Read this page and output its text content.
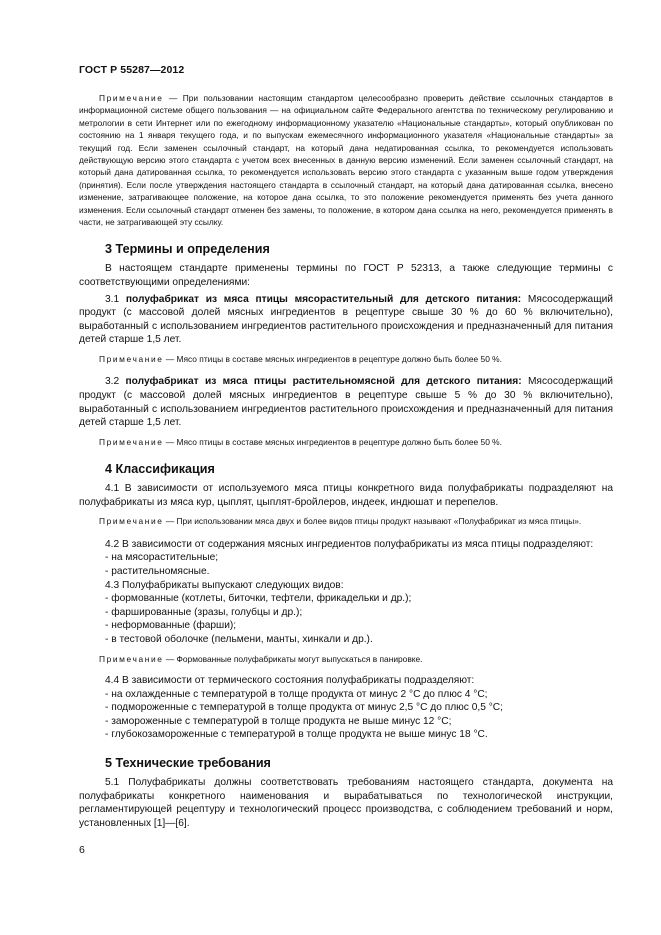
ГОСТ Р 55287—2012

Примечание — При пользовании настоящим стандартом целесообразно проверить действие ссылочных стандартов в информационной системе общего пользования — на официальном сайте Федерального агентства по техническому регулированию и метрологии в сети Интернет или по ежегодному информационному указателю «Национальные стандарты», который опубликован по состоянию на 1 января текущего года, и по выпускам ежемесячного информационного указателя «Национальные стандарты» за текущий год. Если заменен ссылочный стандарт, на который дана недатированная ссылка, то рекомендуется использовать действующую версию этого стандарта с учетом всех внесенных в данную версию изменений. Если заменен ссылочный стандарт, на который дана датированная ссылка, то рекомендуется использовать версию этого стандарта с указанным выше годом утверждения (принятия). Если после утверждения настоящего стандарта в ссылочный стандарт, на который дана датированная ссылка, внесено изменение, затрагивающее положение, на которое дана ссылка, то это положение рекомендуется применять без учета данного изменения. Если ссылочный стандарт отменен без замены, то положение, в котором дана ссылка на него, рекомендуется применять в части, не затрагивающей эту ссылку.

3 Термины и определения

В настоящем стандарте применены термины по ГОСТ Р 52313, а также следующие термины с соответствующими определениями:

3.1 полуфабрикат из мяса птицы мясорастительный для детского питания: Мясосодержащий продукт (с массовой долей мясных ингредиентов в рецептуре свыше 30 % до 60 % включительно), выработанный с использованием ингредиентов растительного происхождения и предназначенный для питания детей старше 1,5 лет.

Примечание — Мясо птицы в составе мясных ингредиентов в рецептуре должно быть более 50 %.

3.2 полуфабрикат из мяса птицы растительномясной для детского питания: Мясосодержащий продукт (с массовой долей мясных ингредиентов в рецептуре свыше 5 % до 30 % включительно), выработанный с использованием ингредиентов растительного происхождения и предназначенный для питания детей старше 1,5 лет.

Примечание — Мясо птицы в составе мясных ингредиентов в рецептуре должно быть более 50 %.

4 Классификация

4.1 В зависимости от используемого мяса птицы конкретного вида полуфабрикаты подразделяют на полуфабрикаты из мяса кур, цыплят, цыплят-бройлеров, индеек, индюшат и перепелов.

Примечание — При использовании мяса двух и более видов птицы продукт называют «Полуфабрикат из мяса птицы».

4.2 В зависимости от содержания мясных ингредиентов полуфабрикаты из мяса птицы подразделяют:

- на мясорастительные;

- растительномясные.

4.3 Полуфабрикаты выпускают следующих видов:

- формованные (котлеты, биточки, тефтели, фрикадельки и др.);

- фаршированные (зразы, голубцы и др.);

- неформованные (фарши);

- в тестовой оболочке (пельмени, манты, хинкали и др.).

Примечание — Формованные полуфабрикаты могут выпускаться в панировке.

4.4 В зависимости от термического состояния полуфабрикаты подразделяют:

- на охлажденные с температурой в толще продукта от минус 2 °С до плюс 4 °С;

- подмороженные с температурой в толще продукта от минус 2,5 °С до плюс 0,5 °С;

- замороженные с температурой в толще продукта не выше минус 12 °С;

- глубокозамороженные с температурой в толще продукта не выше минус 18 °С.

5 Технические требования

5.1 Полуфабрикаты должны соответствовать требованиям настоящего стандарта, документа на полуфабрикаты конкретного наименования и вырабатываться по технологической инструкции, регламентирующей рецептуру и технологический процесс производства, с соблюдением требований и норм, установленных [1]—[6].

6
